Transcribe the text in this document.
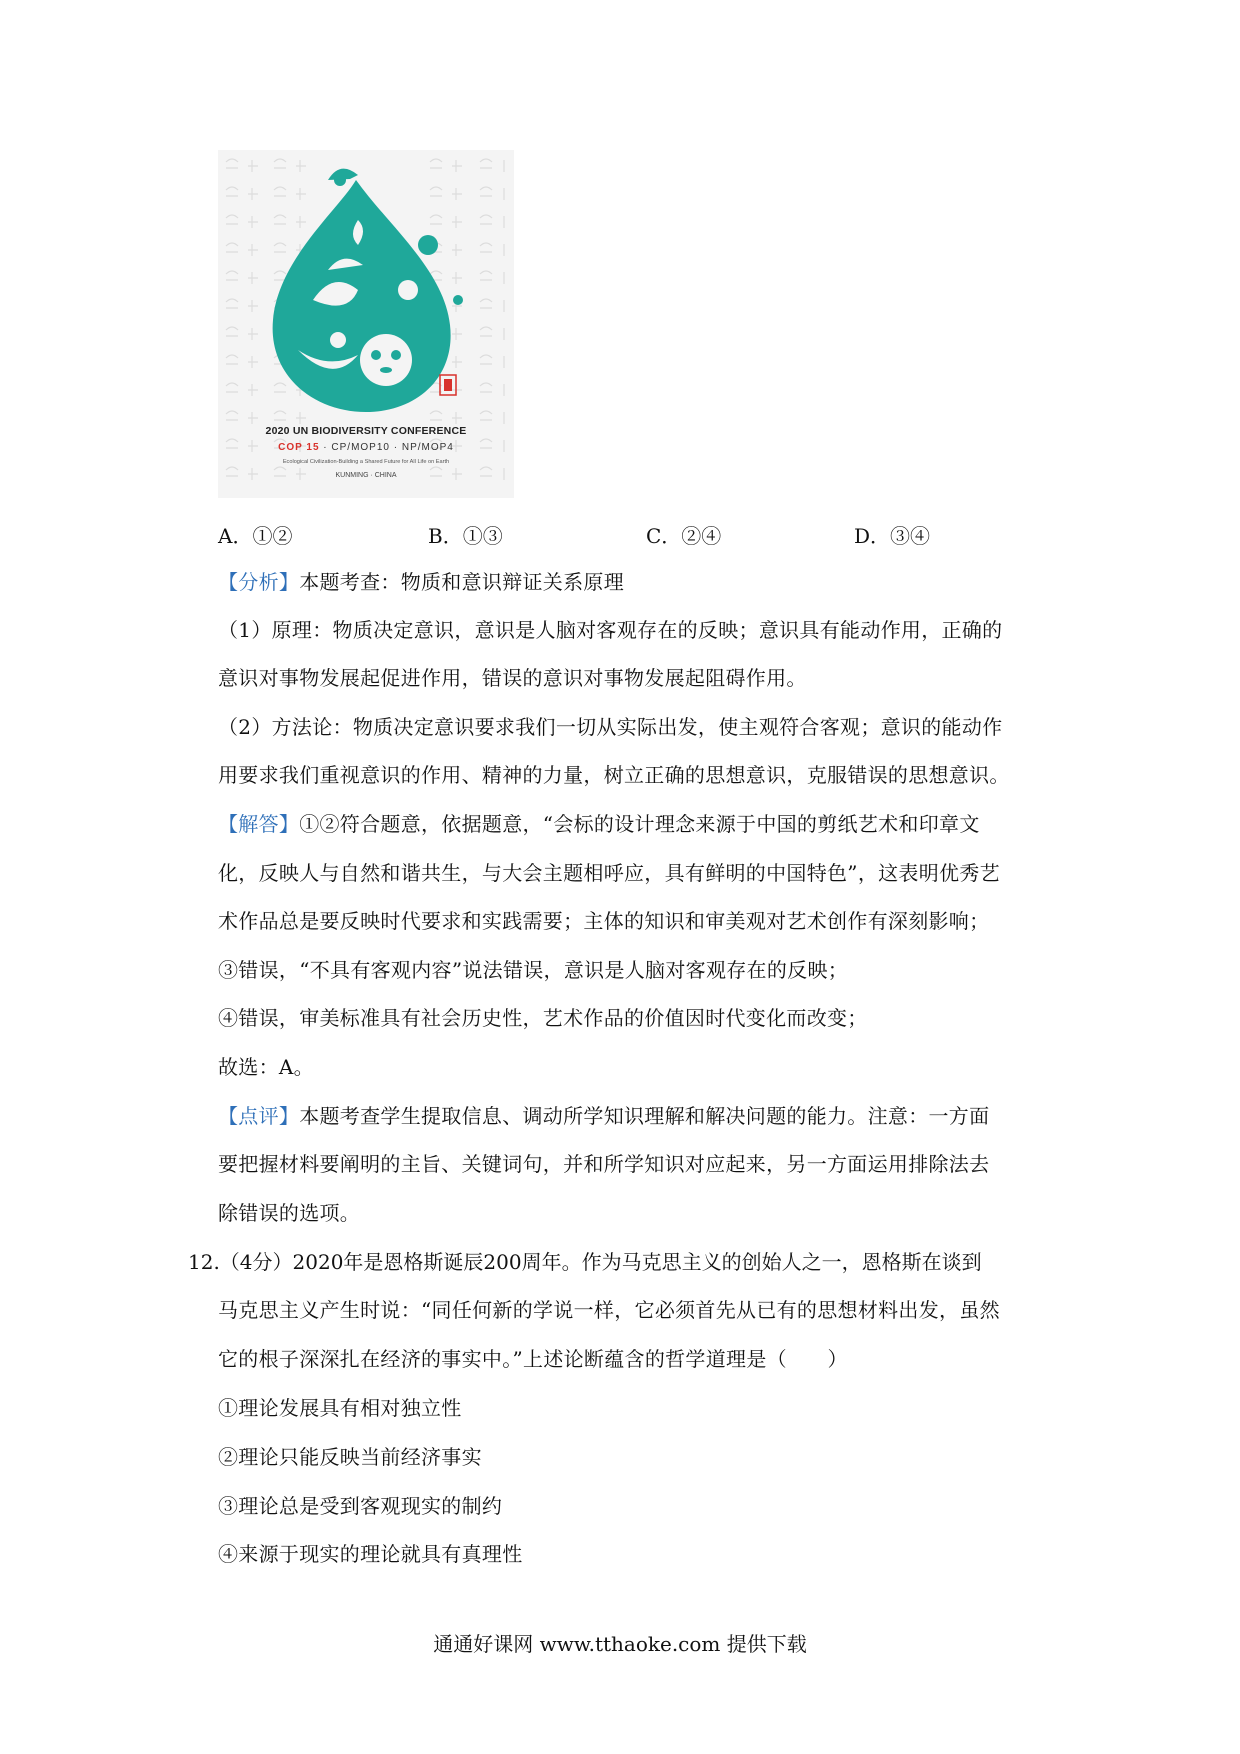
2020 UN BIODIVERSITY CONFERENCE
COP 15 · CP/MOP10 · NP/MOP4
Ecological Civilization-Building a Shared Future for All Life on Earth
KUNMING · CHINA
A．①②	B．①③	C．②④	D．③④
【分析】本题考查：物质和意识辩证关系原理
（1）原理：物质决定意识，意识是人脑对客观存在的反映；意识具有能动作用，正确的
意识对事物发展起促进作用，错误的意识对事物发展起阻碍作用。
（2）方法论：物质决定意识要求我们一切从实际出发，使主观符合客观；意识的能动作
用要求我们重视意识的作用、精神的力量，树立正确的思想意识，克服错误的思想意识。
【解答】①②符合题意，依据题意，“会标的设计理念来源于中国的剪纸艺术和印章文
化，反映人与自然和谐共生，与大会主题相呼应，具有鲜明的中国特色”，这表明优秀艺
术作品总是要反映时代要求和实践需要；主体的知识和审美观对艺术创作有深刻影响；
③错误，“不具有客观内容”说法错误，意识是人脑对客观存在的反映；
④错误，审美标准具有社会历史性，艺术作品的价值因时代变化而改变；
故选：A。
【点评】本题考查学生提取信息、调动所学知识理解和解决问题的能力。注意：一方面
要把握材料要阐明的主旨、关键词句，并和所学知识对应起来，另一方面运用排除法去
除错误的选项。
12.（4分）2020年是恩格斯诞辰200周年。作为马克思主义的创始人之一，恩格斯在谈到
马克思主义产生时说：“同任何新的学说一样，它必须首先从已有的思想材料出发，虽然
它的根子深深扎在经济的事实中。”上述论断蕴含的哲学道理是（　　）
①理论发展具有相对独立性
②理论只能反映当前经济事实
③理论总是受到客观现实的制约
④来源于现实的理论就具有真理性
通通好课网 www.tthaoke.com 提供下载
